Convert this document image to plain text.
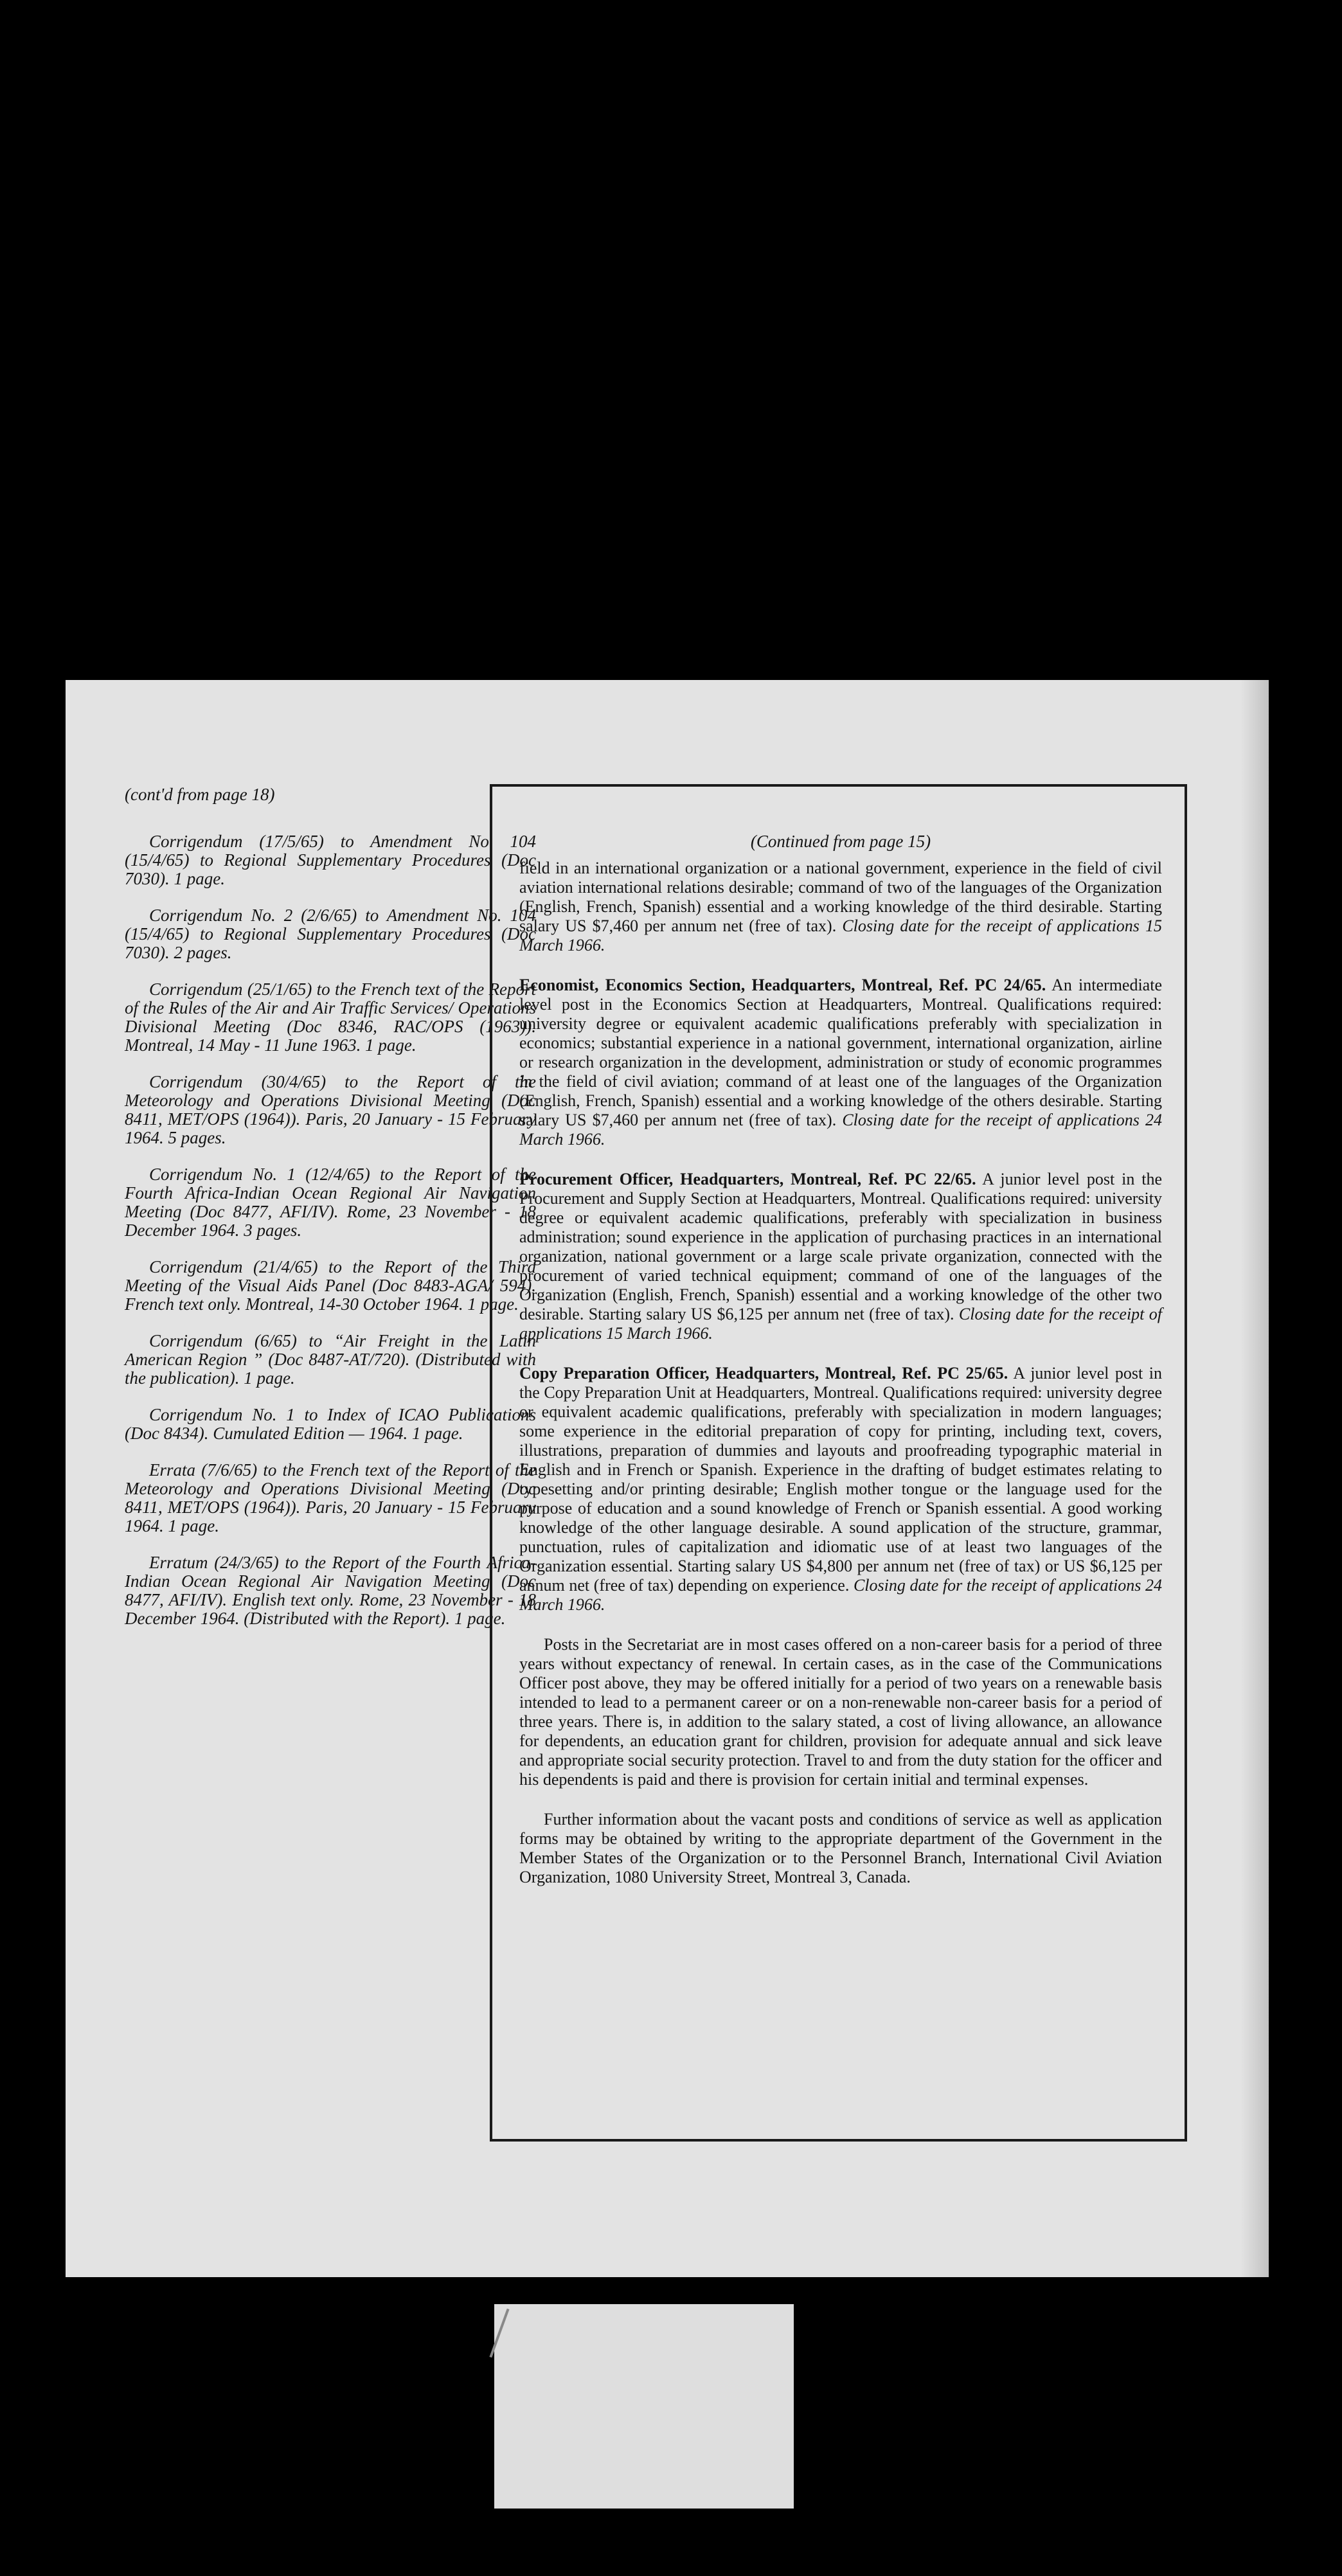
(cont'd from page 18)

Corrigendum (17/5/65) to Amendment No. 104 (15/4/65) to Regional Supplementary Procedures (Doc 7030). 1 page.

Corrigendum No. 2 (2/6/65) to Amendment No. 104 (15/4/65) to Regional Supplementary Procedures (Doc 7030). 2 pages.

Corrigendum (25/1/65) to the French text of the Report of the Rules of the Air and Air Traffic Services/ Operations Divisional Meeting (Doc 8346, RAC/OPS (1963)). Montreal, 14 May - 11 June 1963. 1 page.

Corrigendum (30/4/65) to the Report of the Meteorology and Operations Divisional Meeting (Doc 8411, MET/OPS (1964)). Paris, 20 January - 15 February 1964. 5 pages.

Corrigendum No. 1 (12/4/65) to the Report of the Fourth Africa-Indian Ocean Regional Air Navigation Meeting (Doc 8477, AFI/IV). Rome, 23 November - 18 December 1964. 3 pages.

Corrigendum (21/4/65) to the Report of the Third Meeting of the Visual Aids Panel (Doc 8483-AGA/ 594). French text only. Montreal, 14-30 October 1964. 1 page.

Corrigendum (6/65) to “Air Freight in the Latin American Region ” (Doc 8487-AT/720). (Distributed with the publication). 1 page.

Corrigendum No. 1 to Index of ICAO Publications (Doc 8434). Cumulated Edition — 1964. 1 page.

Errata (7/6/65) to the French text of the Report of the Meteorology and Operations Divisional Meeting (Doc 8411, MET/OPS (1964)). Paris, 20 January - 15 February 1964. 1 page.

Erratum (24/3/65) to the Report of the Fourth Africa-Indian Ocean Regional Air Navigation Meeting (Doc 8477, AFI/IV). English text only. Rome, 23 November - 18 December 1964. (Distributed with the Report). 1 page.

(Continued from page 15)

field in an international organization or a national government, experience in the field of civil aviation international relations desirable; command of two of the languages of the Organization (English, French, Spanish) essential and a working knowledge of the third desirable. Starting salary US $7,460 per annum net (free of tax). Closing date for the receipt of applications 15 March 1966.

Economist, Economics Section, Headquarters, Montreal, Ref. PC 24/65. An intermediate level post in the Economics Section at Headquarters, Montreal. Qualifications required: university degree or equivalent academic qualifications preferably with specialization in economics; substantial experience in a national government, international organization, airline or research organization in the development, administration or study of economic programmes in the field of civil aviation; command of at least one of the languages of the Organization (English, French, Spanish) essential and a working knowledge of the others desirable. Starting salary US $7,460 per annum net (free of tax). Closing date for the receipt of applications 24 March 1966.

Procurement Officer, Headquarters, Montreal, Ref. PC 22/65. A junior level post in the Procurement and Supply Section at Headquarters, Montreal. Qualifications required: university degree or equivalent academic qualifications, preferably with specialization in business administration; sound experience in the application of purchasing practices in an international organization, national government or a large scale private organization, connected with the procurement of varied technical equipment; command of one of the languages of the Organization (English, French, Spanish) essential and a working knowledge of the other two desirable. Starting salary US $6,125 per annum net (free of tax). Closing date for the receipt of applications 15 March 1966.

Copy Preparation Officer, Headquarters, Montreal, Ref. PC 25/65. A junior level post in the Copy Preparation Unit at Headquarters, Montreal. Qualifications required: university degree or equivalent academic qualifications, preferably with specialization in modern languages; some experience in the editorial preparation of copy for printing, including text, covers, illustrations, preparation of dummies and layouts and proofreading typographic material in English and in French or Spanish. Experience in the drafting of budget estimates relating to typesetting and/or printing desirable; English mother tongue or the language used for the purpose of education and a sound knowledge of French or Spanish essential. A good working knowledge of the other language desirable. A sound application of the structure, grammar, punctuation, rules of capitalization and idiomatic use of at least two languages of the Organization essential. Starting salary US $4,800 per annum net (free of tax) or US $6,125 per annum net (free of tax) depending on experience. Closing date for the receipt of applications 24 March 1966.

Posts in the Secretariat are in most cases offered on a non-career basis for a period of three years without expectancy of renewal. In certain cases, as in the case of the Communications Officer post above, they may be offered initially for a period of two years on a renewable basis intended to lead to a permanent career or on a non-renewable non-career basis for a period of three years. There is, in addition to the salary stated, a cost of living allowance, an allowance for dependents, an education grant for children, provision for adequate annual and sick leave and appropriate social security protection. Travel to and from the duty station for the officer and his dependents is paid and there is provision for certain initial and terminal expenses.

Further information about the vacant posts and conditions of service as well as application forms may be obtained by writing to the appropriate department of the Government in the Member States of the Organization or to the Personnel Branch, International Civil Aviation Organization, 1080 University Street, Montreal 3, Canada.
